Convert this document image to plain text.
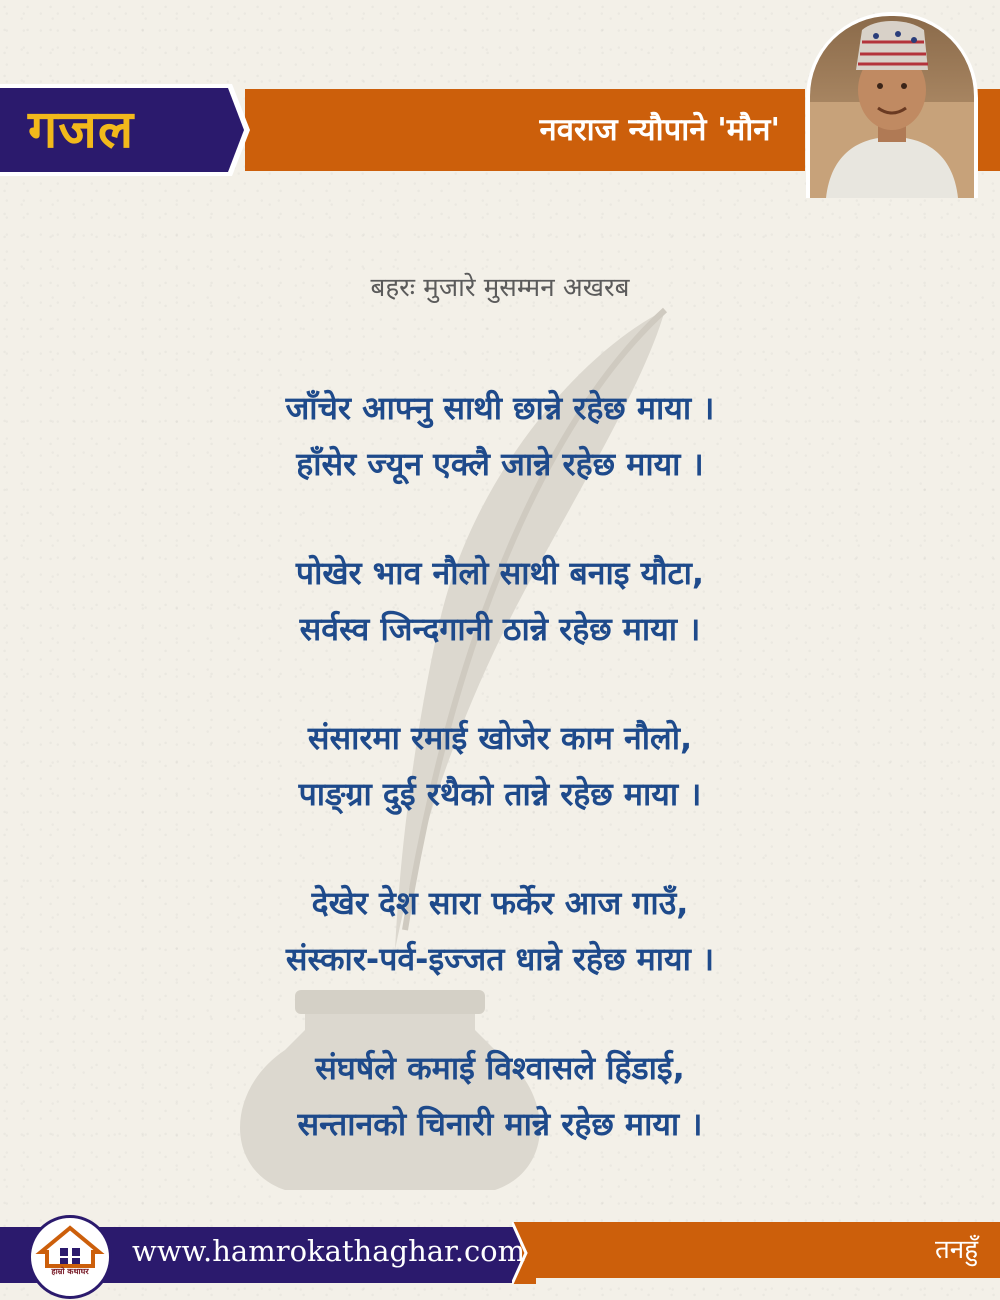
गजल	नवराज न्यौपाने 'मौन'
बहरः मुजारे मुसम्मन अखरब
जाँचेर आफ्नु साथी छान्ने रहेछ माया ।
हाँसेर ज्यून एक्लै जान्ने रहेछ माया ।
पोखेर भाव नौलो साथी बनाइ यौटा,
सर्वस्व जिन्दगानी ठान्ने रहेछ माया ।
संसारमा रमाई खोजेर काम नौलो,
पाङ्ग्रा दुई रथैको तान्ने रहेछ माया ।
देखेर देश सारा फर्केर आज गाउँ,
संस्कार-पर्व-इज्जत धान्ने रहेछ माया ।
संघर्षले कमाई विश्वासले हिंडाई,
सन्तानको चिनारी मान्ने रहेछ माया ।
हाम्रो कथाघर
www.hamrokathaghar.com	तनहुँ
